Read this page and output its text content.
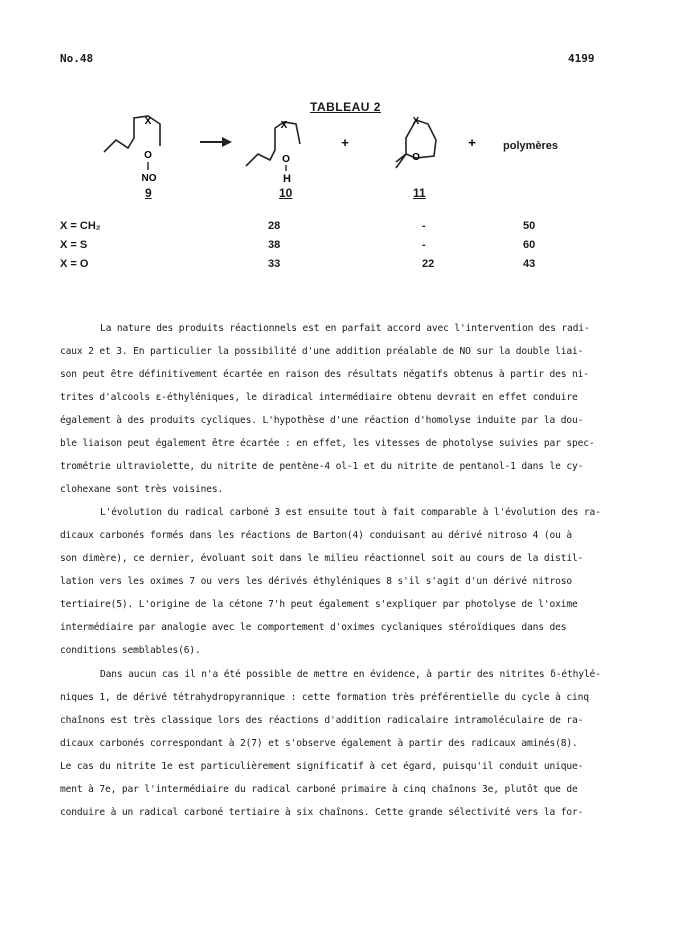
No.48	4199
TABLEAU 2
X
O
NO
X
O
H
+
X
O
+ polymères
9	10	11
X = CH₂	28	-	50
X = S	38	-	60
X = O	33	22	43

La nature des produits réactionnels est en parfait accord avec l'intervention des radi-

caux 2 et 3. En particulier la possibilité d'une addition préalable de NO sur la double liai-

son peut être définitivement écartée en raison des résultats négatifs obtenus à partir des ni-

trites d'alcools ε-éthyléniques, le diradical intermédiaire obtenu devrait en effet conduire

également à des produits cycliques. L'hypothèse d'une réaction d'homolyse induite par la dou-

ble liaison peut également être écartée : en effet, les vitesses de photolyse suivies par spec-

trométrie ultraviolette, du nitrite de pentène-4 ol-1 et du nitrite de pentanol-1 dans le cy-

clohexane sont très voisines.

L'évolution du radical carboné 3 est ensuite tout à fait comparable à l'évolution des ra-

dicaux carbonés formés dans les réactions de Barton(4) conduisant au dérivé nitroso 4 (ou à

son dimère), ce dernier, évoluant soit dans le milieu réactionnel soit au cours de la distil-

lation vers les oximes 7 ou vers les dérivés éthyléniques 8 s'il s'agit d'un dérivé nitroso

tertiaire(5). L'origine de la cétone 7'h peut également s'expliquer par photolyse de l'oxime

intermédiaire par analogie avec le comportement d'oximes cyclaniques stéroïdiques dans des

conditions semblables(6).

Dans aucun cas il n'a été possible de mettre en évidence, à partir des nitrites δ-éthylé-

niques 1, de dérivé tétrahydropyrannique : cette formation très préférentielle du cycle à cinq

chaînons est très classique lors des réactions d'addition radicalaire intramoléculaire de ra-

dicaux carbonés correspondant à 2(7) et s'observe également à partir des radicaux aminés(8).

Le cas du nitrite 1e est particulièrement significatif à cet égard, puisqu'il conduit unique-

ment à 7e, par l'intermédiaire du radical carboné primaire à cinq chaînons 3e, plutôt que de

conduire à un radical carboné tertiaire à six chaînons. Cette grande sélectivité vers la for-
